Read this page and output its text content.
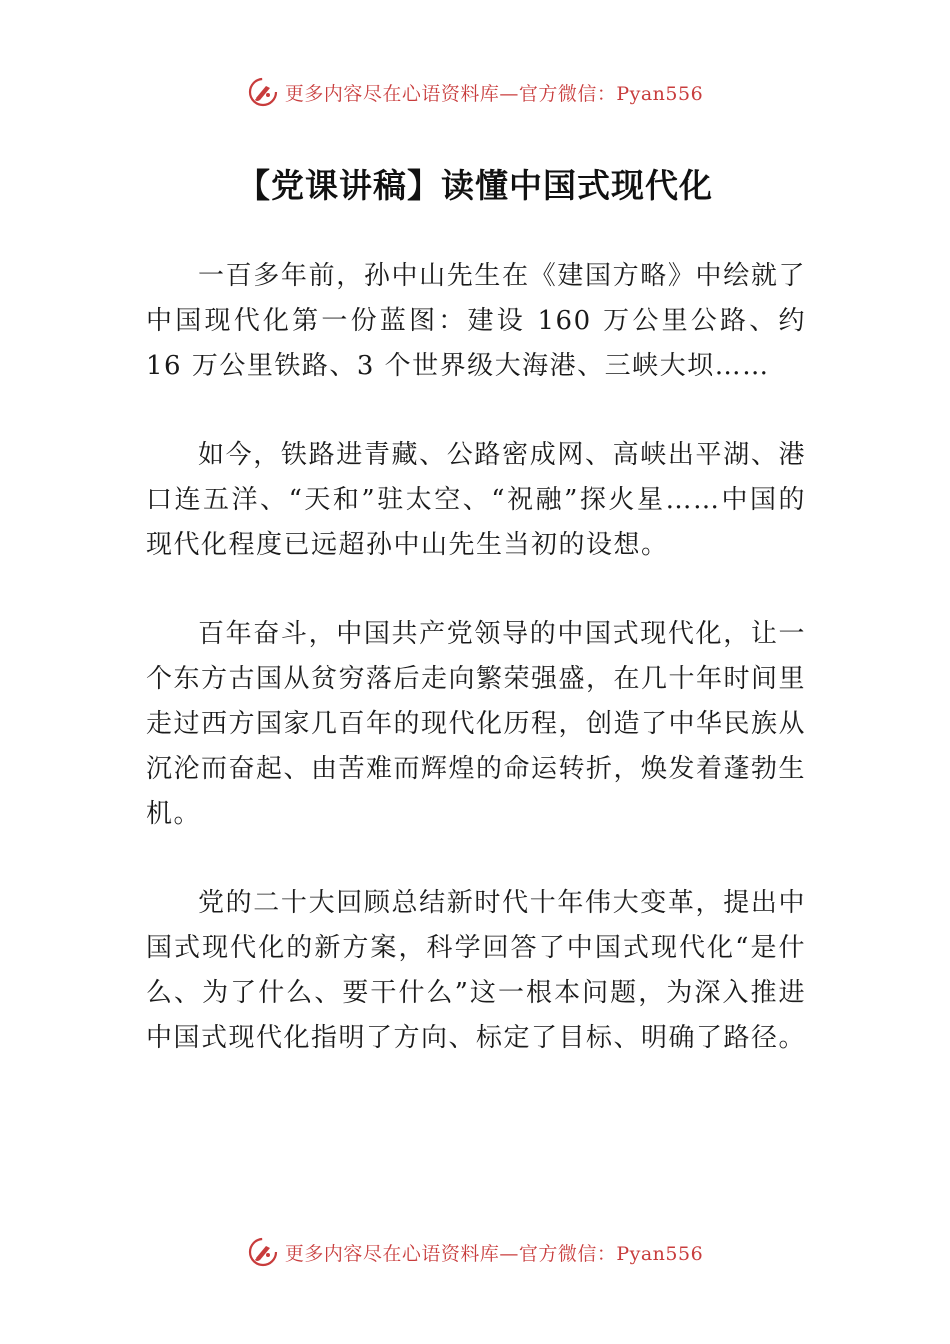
更多内容尽在心语资料库—官方微信：Pyan556
【党课讲稿】读懂中国式现代化

一百多年前，孙中山先生在《建国方略》中绘就了中国现代化第一份蓝图：建设 160 万公里公路、约 16 万公里铁路、3 个世界级大海港、三峡大坝……

如今，铁路进青藏、公路密成网、高峡出平湖、港口连五洋、“天和”驻太空、“祝融”探火星……中国的现代化程度已远超孙中山先生当初的设想。

百年奋斗，中国共产党领导的中国式现代化，让一个东方古国从贫穷落后走向繁荣强盛，在几十年时间里走过西方国家几百年的现代化历程，创造了中华民族从沉沦而奋起、由苦难而辉煌的命运转折，焕发着蓬勃生机。

党的二十大回顾总结新时代十年伟大变革，提出中国式现代化的新方案，科学回答了中国式现代化“是什么、为了什么、要干什么”这一根本问题，为深入推进中国式现代化指明了方向、标定了目标、明确了路径。

更多内容尽在心语资料库—官方微信：Pyan556
